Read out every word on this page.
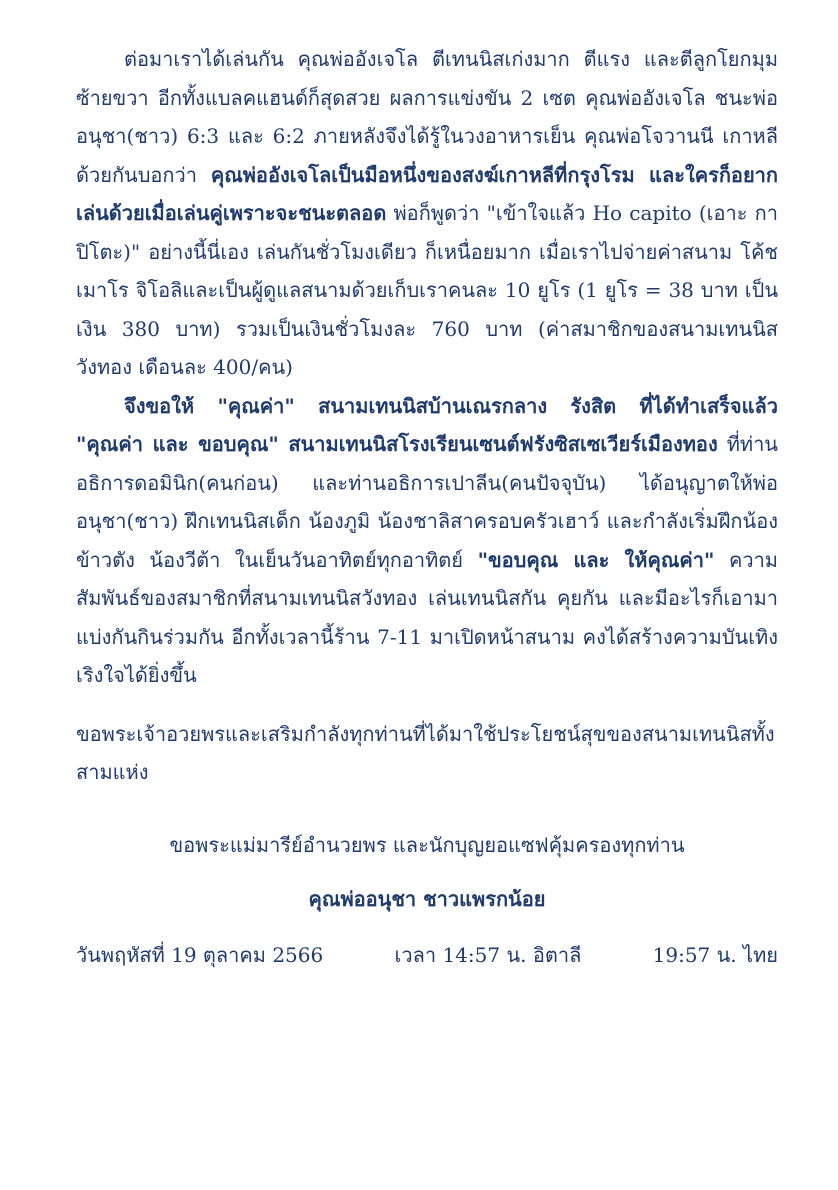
ต่อมาเราได้เล่นกัน คุณพ่ออังเจโล ตีเทนนิสเก่งมาก ตีแรง และตีลูกโยกมุมซ้ายขวา อีกทั้งแบลคแฮนด์ก็สุดสวย ผลการแข่งขัน 2 เซต คุณพ่ออังเจโล ชนะพ่ออนุชา(ชาว) 6:3 และ 6:2 ภายหลังจึงได้รู้ในวงอาหารเย็น คุณพ่อโจวานนี เกาหลีด้วยกันบอกว่า คุณพ่ออังเจโลเป็นมือหนึ่งของสงฆ์เกาหลีที่กรุงโรม และใครก็อยากเล่นด้วยเมื่อเล่นคู่เพราะจะชนะตลอด พ่อก็พูดว่า "เข้าใจแล้ว Ho capito (เอาะ กาปิโตะ)" อย่างนี้นี่เอง เล่นกันชั่วโมงเดียว ก็เหนื่อยมาก เมื่อเราไปจ่ายค่าสนาม โค้ชเมาโร จิโอลิและเป็นผู้ดูแลสนามด้วยเก็บเราคนละ 10 ยูโร (1 ยูโร = 38 บาท เป็นเงิน 380 บาท) รวมเป็นเงินชั่วโมงละ 760 บาท (ค่าสมาชิกของสนามเทนนิสวังทอง เดือนละ 400/คน)

จึงขอให้ "คุณค่า" สนามเทนนิสบ้านเณรกลาง รังสิต ที่ได้ทำเสร็จแล้ว "คุณค่า และ ขอบคุณ" สนามเทนนิสโรงเรียนเซนต์ฟรังซิสเซเวียร์เมืองทอง ที่ท่านอธิการดอมินิก(คนก่อน) และท่านอธิการเปาลีน(คนปัจจุบัน) ได้อนุญาตให้พ่ออนุชา(ชาว) ฝึกเทนนิสเด็ก น้องภูมิ น้องชาลิสาครอบครัวเฮาว์ และกำลังเริ่มฝึกน้องข้าวตัง น้องวีต้า ในเย็นวันอาทิตย์ทุกอาทิตย์ "ขอบคุณ และ ให้คุณค่า" ความสัมพันธ์ของสมาชิกที่สนามเทนนิสวังทอง เล่นเทนนิสกัน คุยกัน และมีอะไรก็เอามาแบ่งกันกินร่วมกัน อีกทั้งเวลานี้ร้าน 7-11 มาเปิดหน้าสนาม คงได้สร้างความบันเทิงเริงใจได้ยิ่งขึ้น

ขอพระเจ้าอวยพรและเสริมกำลังทุกท่านที่ได้มาใช้ประโยชน์สุขของสนามเทนนิสทั้งสามแห่ง

ขอพระแม่มารีย์อำนวยพร และนักบุญยอแซฟคุ้มครองทุกท่าน

คุณพ่ออนุชา ชาวแพรกน้อย

วันพฤหัสที่ 19 ตุลาคม 2566	เวลา 14:57 น. อิตาลี	19:57 น. ไทย
